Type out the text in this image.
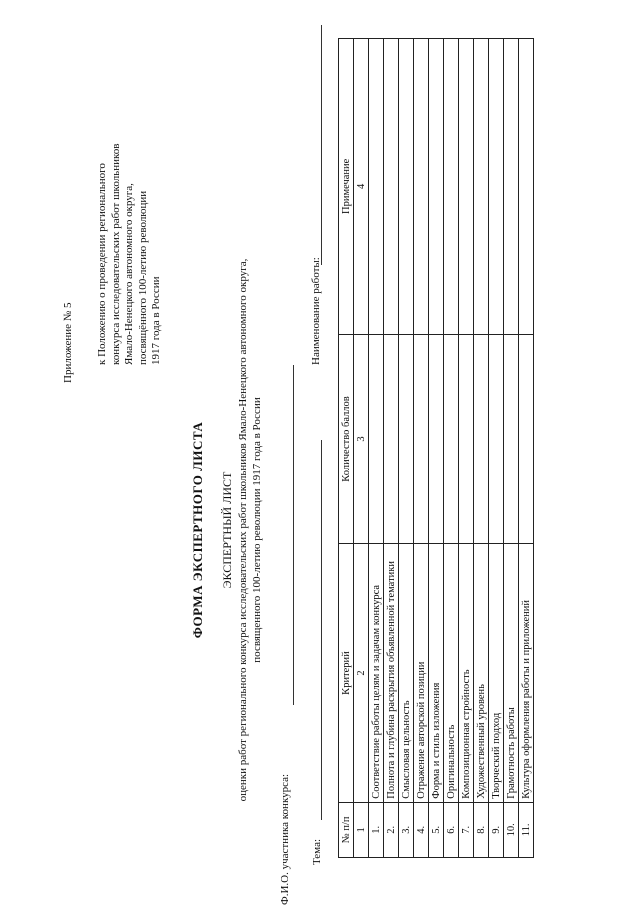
Приложение № 5 к Положению о проведении регионального конкурса исследовательских работ школьников Ямало-Ненецкого автономного округа, посвящённого 100-летию революции 1917 года в России
ФОРМА ЭКСПЕРТНОГО ЛИСТА ЭКСПЕРТНЫЙ ЛИСТ оценки работ регионального конкурса исследовательских работ школьников Ямало-Ненецкого автономного округа, посвященного 100-летию революции 1917 года в России
Ф.И.О. участника конкурса:
Наименование работы:
Тема:
№ п/п	Критерий	Количество баллов	Примечание
1	2	3	4
1.	Соответствие работы целям и задачам конкурса		
2.	Полнота и глубина раскрытия объявленной тематики		
3.	Смысловая цельность		
4.	Отражение авторской позиции		
5.	Форма и стиль изложения		
6.	Оригинальность		
7.	Композиционная стройность		
8.	Художественный уровень		
9.	Творческий подход		
10.	Грамотность работы		
11.	Культура оформления работы и приложений		
